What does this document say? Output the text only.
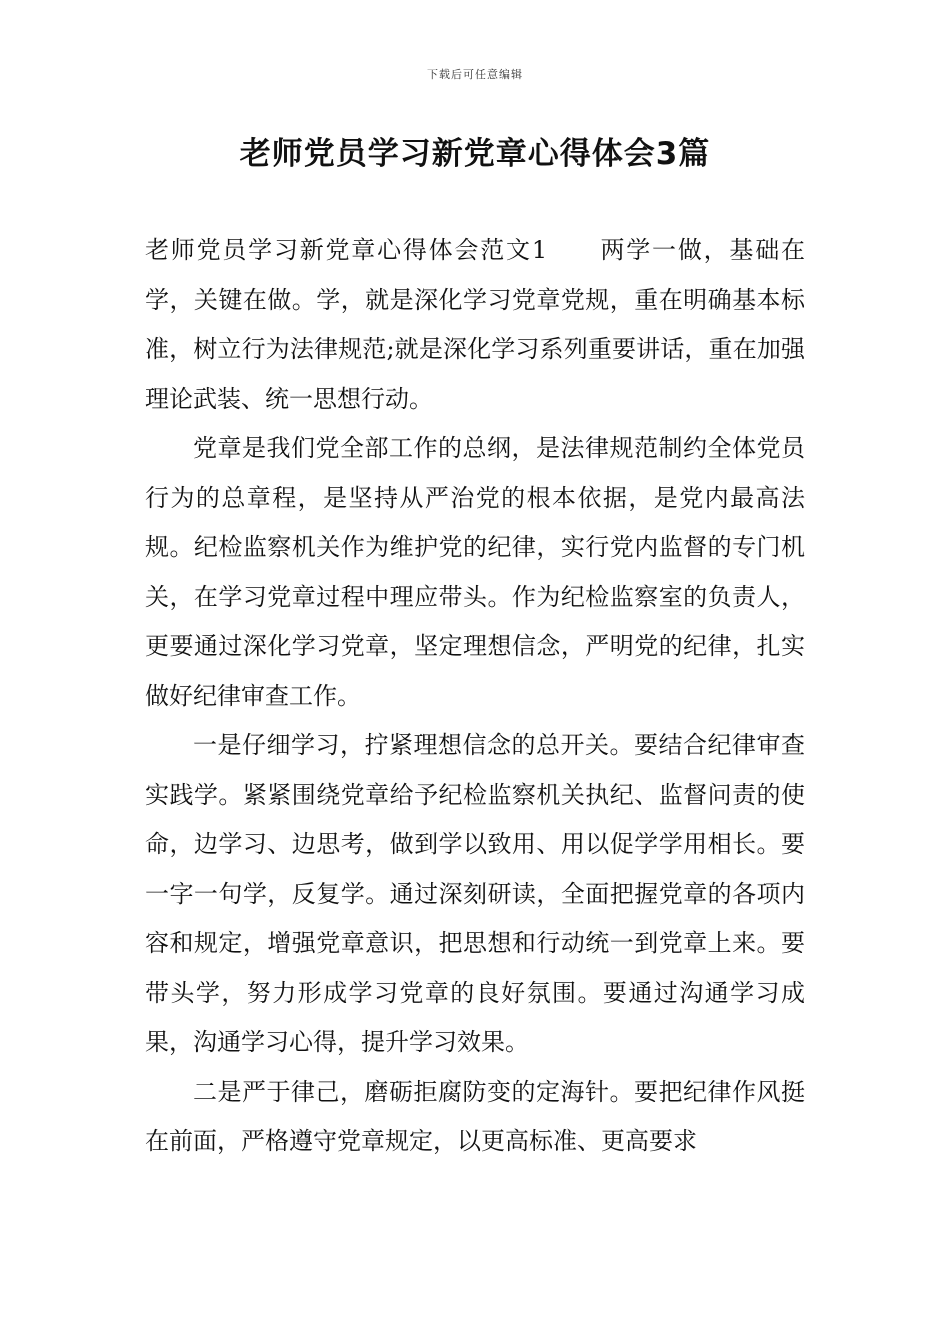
下载后可任意编辑
老师党员学习新党章心得体会3篇

老师党员学习新党章心得体会范文1　　两学一做，基础在学，关键在做。学，就是深化学习党章党规，重在明确基本标准，树立行为法律规范;就是深化学习系列重要讲话，重在加强理论武装、统一思想行动。

党章是我们党全部工作的总纲，是法律规范制约全体党员行为的总章程，是坚持从严治党的根本依据，是党内最高法规。纪检监察机关作为维护党的纪律，实行党内监督的专门机关，在学习党章过程中理应带头。作为纪检监察室的负责人，更要通过深化学习党章，坚定理想信念，严明党的纪律，扎实做好纪律审查工作。

一是仔细学习，拧紧理想信念的总开关。要结合纪律审查实践学。紧紧围绕党章给予纪检监察机关执纪、监督问责的使命，边学习、边思考，做到学以致用、用以促学学用相长。要一字一句学，反复学。通过深刻研读，全面把握党章的各项内容和规定，增强党章意识，把思想和行动统一到党章上来。要带头学，努力形成学习党章的良好氛围。要通过沟通学习成果，沟通学习心得，提升学习效果。

二是严于律己，磨砺拒腐防变的定海针。要把纪律作风挺在前面，严格遵守党章规定，以更高标准、更高要求
